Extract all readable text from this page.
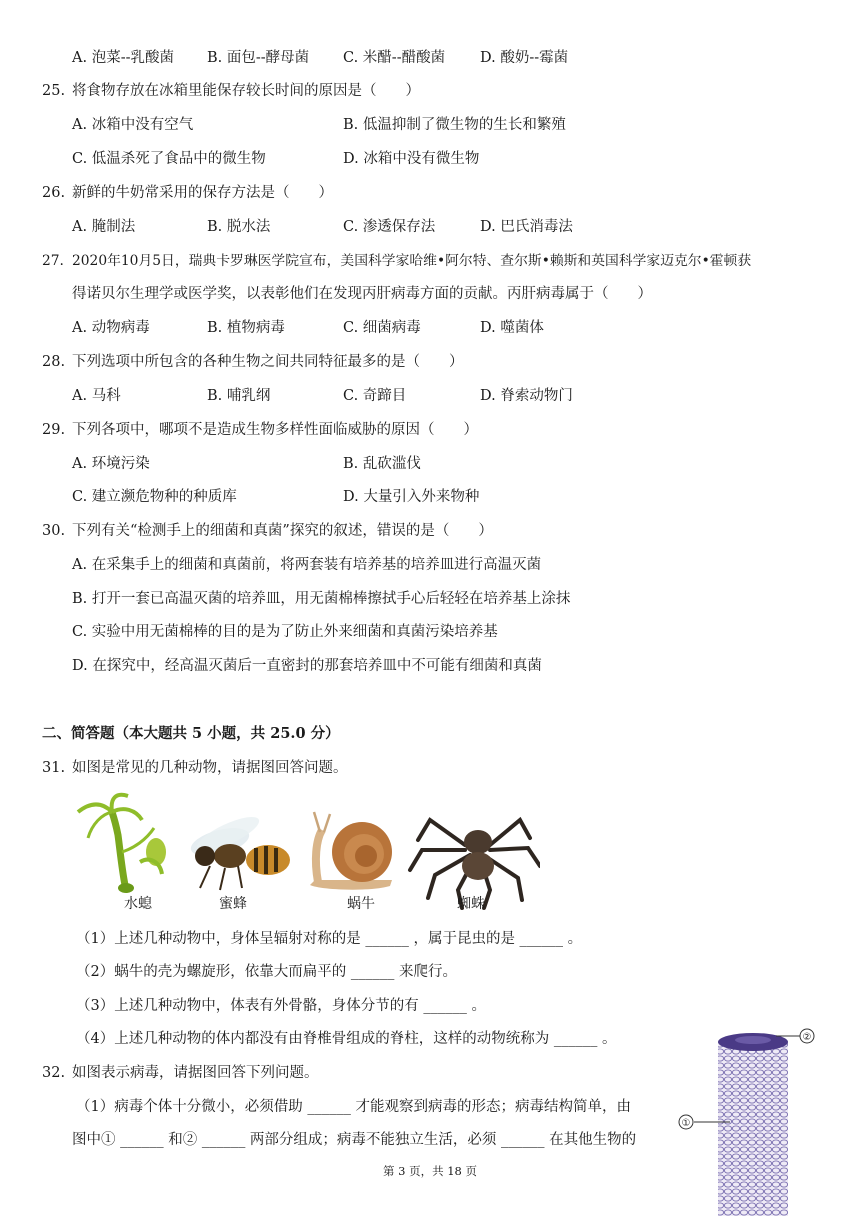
A. 泡菜--乳酸菌 B. 面包--酵母菌 C. 米醋--醋酸菌 D. 酸奶--霉菌
25. 将食物存放在冰箱里能保存较长时间的原因是（　　）
A. 冰箱中没有空气	B. 低温抑制了微生物的生长和繁殖
C. 低温杀死了食品中的微生物	D. 冰箱中没有微生物
26. 新鲜的牛奶常采用的保存方法是（　　）
A. 腌制法	B. 脱水法	C. 渗透保存法	D. 巴氏消毒法
27. 2020年10月5日，瑞典卡罗琳医学院宣布，美国科学家哈维•阿尔特、查尔斯•赖斯和英国科学家迈克尔•霍顿获
得诺贝尔生理学或医学奖，以表彰他们在发现丙肝病毒方面的贡献。丙肝病毒属于（　　）
A. 动物病毒	B. 植物病毒	C. 细菌病毒	D. 噬菌体
28. 下列选项中所包含的各种生物之间共同特征最多的是（　　）
A. 马科	B. 哺乳纲	C. 奇蹄目	D. 脊索动物门
29. 下列各项中，哪项不是造成生物多样性面临威胁的原因（　　）
A. 环境污染	B. 乱砍滥伐
C. 建立濒危物种的种质库	D. 大量引入外来物种
30. 下列有关“检测手上的细菌和真菌”探究的叙述，错误的是（　　）
A. 在采集手上的细菌和真菌前，将两套装有培养基的培养皿进行高温灭菌
B. 打开一套已高温灭菌的培养皿，用无菌棉棒擦拭手心后轻轻在培养基上涂抹
C. 实验中用无菌棉棒的目的是为了防止外来细菌和真菌污染培养基
D. 在探究中，经高温灭菌后一直密封的那套培养皿中不可能有细菌和真菌
二、简答题（本大题共 5 小题，共 25.0 分）
31. 如图是常见的几种动物，请据图回答问题。
水螅	蜜蜂	蜗牛	蜘蛛
（1）上述几种动物中，身体呈辐射对称的是 ______ ，属于昆虫的是 ______ 。
（2）蜗牛的壳为螺旋形，依靠大而扁平的 ______ 来爬行。
（3）上述几种动物中，体表有外骨骼，身体分节的有 ______ 。
（4）上述几种动物的体内都没有由脊椎骨组成的脊柱，这样的动物统称为 ______ 。
32. 如图表示病毒，请据图回答下列问题。
（1）病毒个体十分微小，必须借助 ______ 才能观察到病毒的形态；病毒结构简单，由
图中① ______ 和② ______ 两部分组成；病毒不能独立生活，必须 ______ 在其他生物的
②
①
第 3 页，共 18 页
